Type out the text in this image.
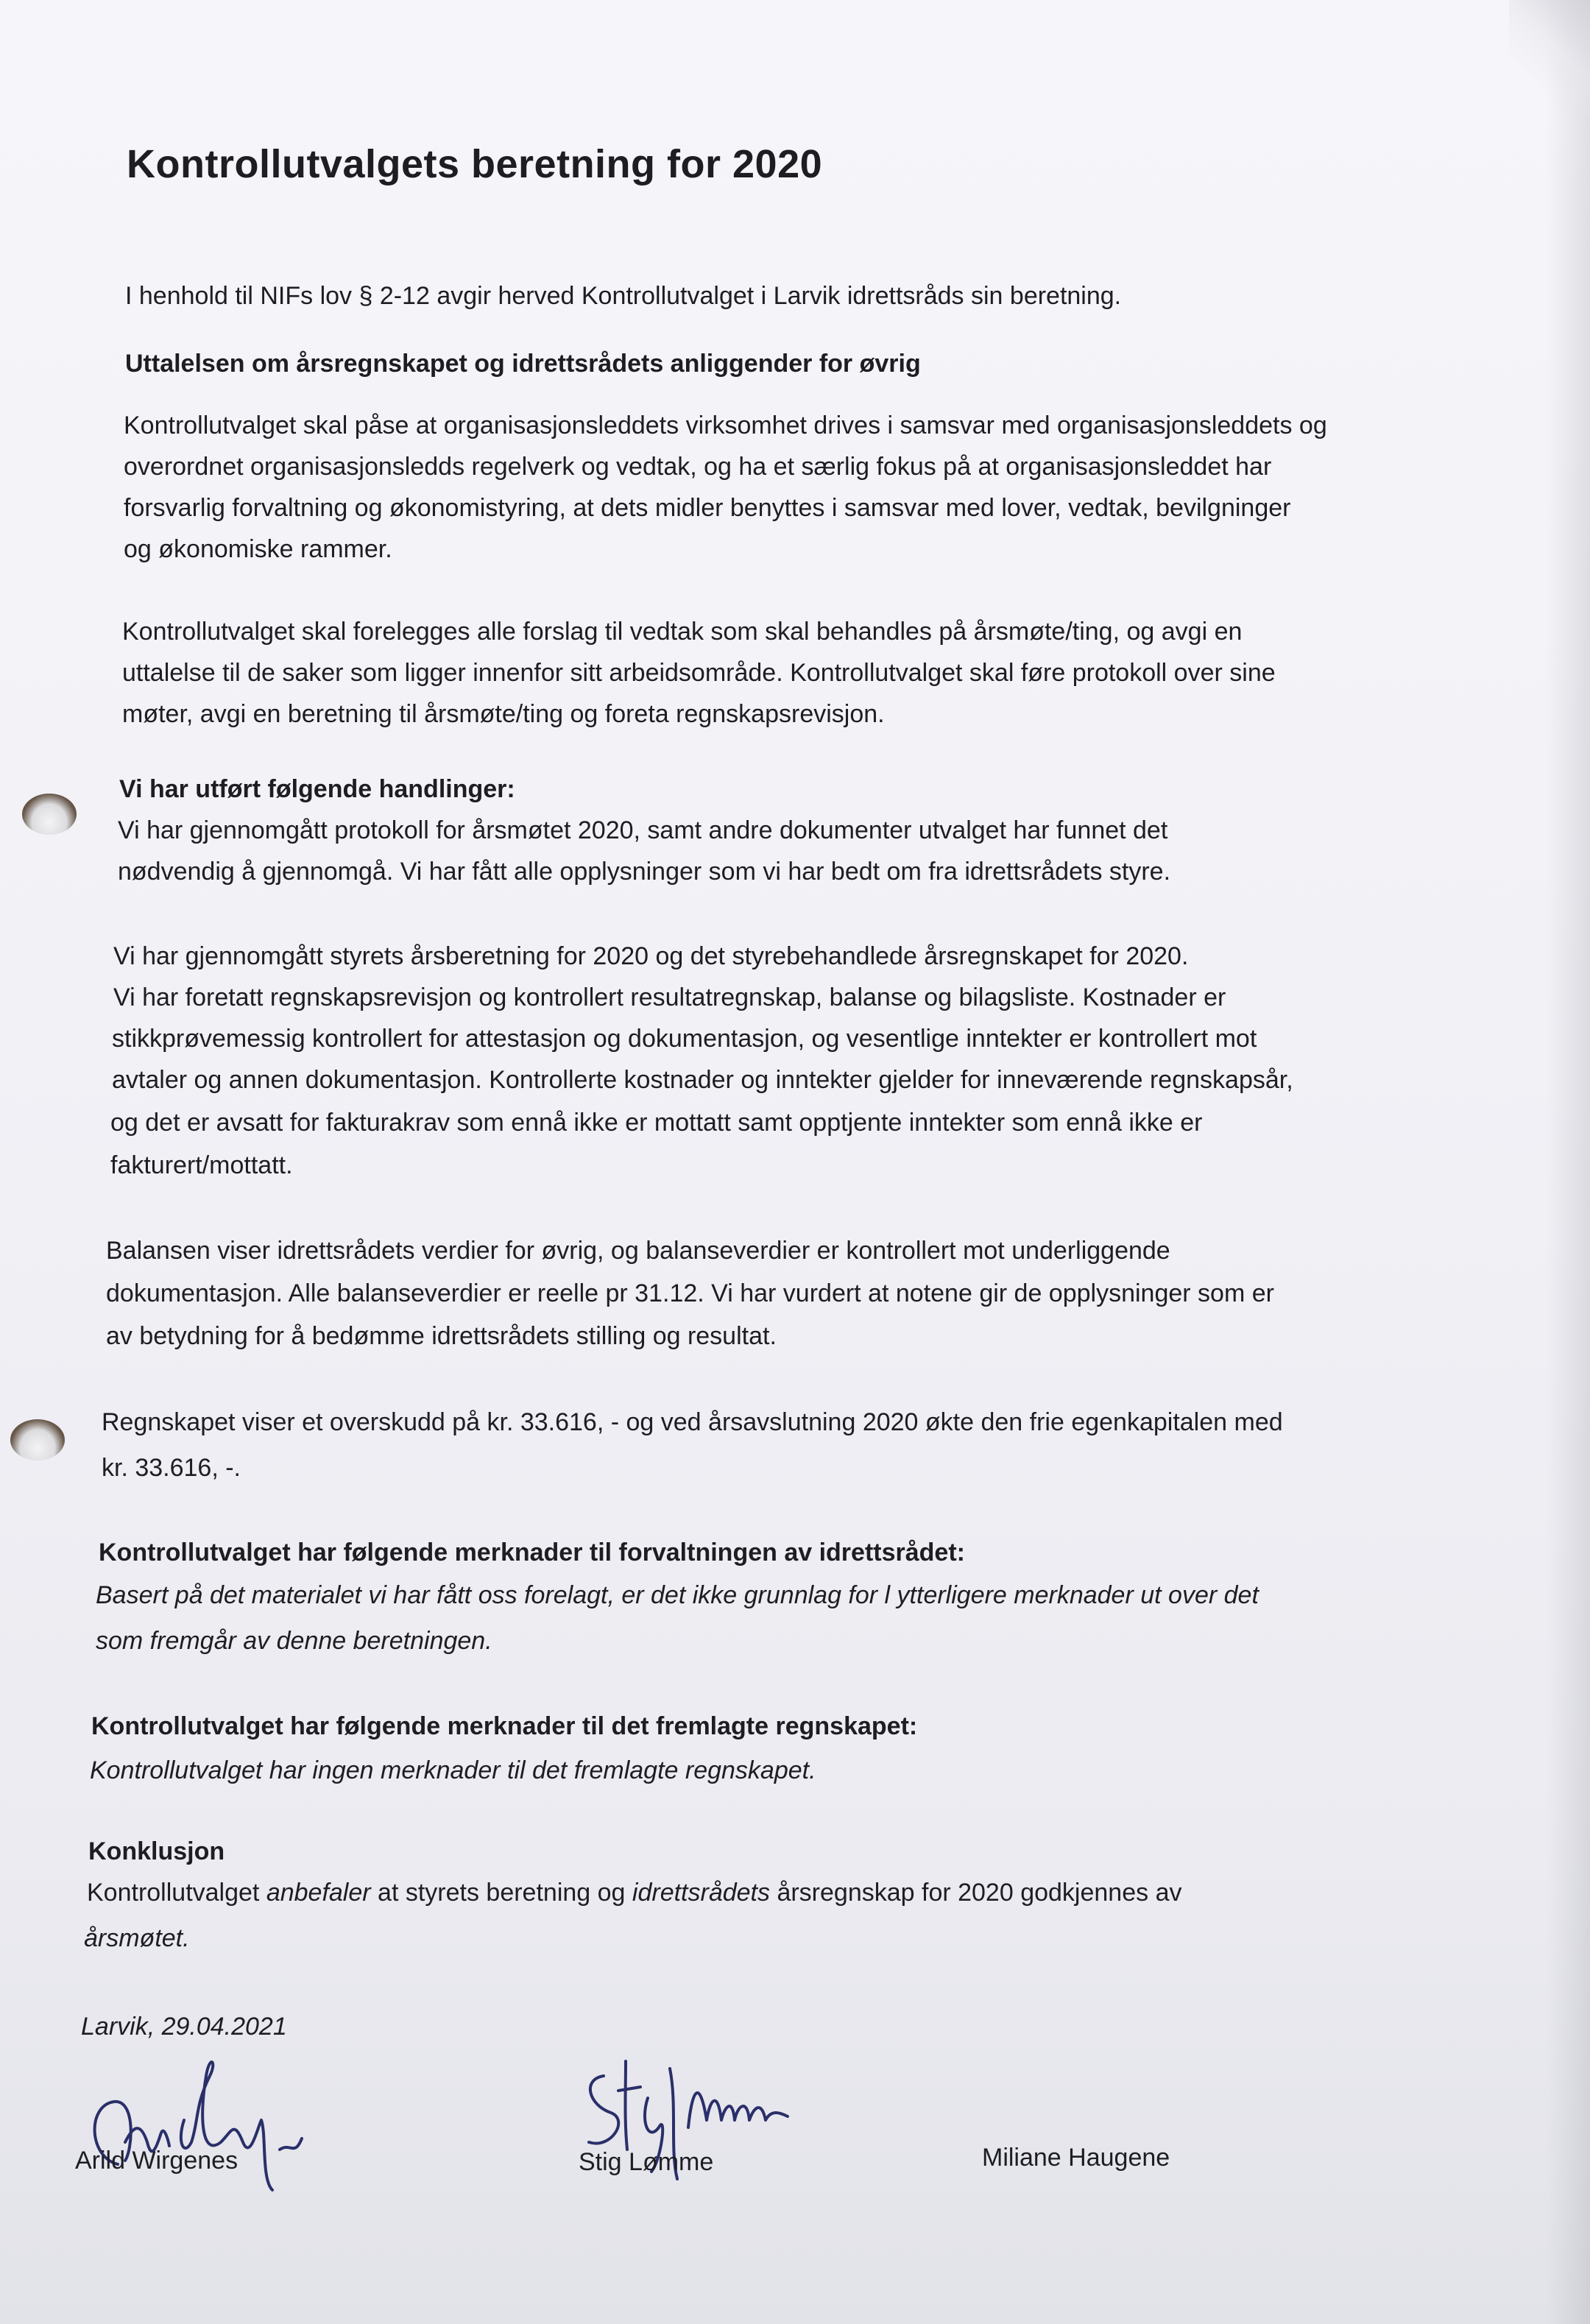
Kontrollutvalgets beretning for 2020
I henhold til NIFs lov § 2-12 avgir herved Kontrollutvalget i Larvik idrettsråds sin beretning.
Uttalelsen om årsregnskapet og idrettsrådets anliggender for øvrig
Kontrollutvalget skal påse at organisasjonsleddets virksomhet drives i samsvar med organisasjonsleddets og
overordnet organisasjonsledds regelverk og vedtak, og ha et særlig fokus på at organisasjonsleddet har
forsvarlig forvaltning og økonomistyring, at dets midler benyttes i samsvar med lover, vedtak, bevilgninger
og økonomiske rammer.
Kontrollutvalget skal forelegges alle forslag til vedtak som skal behandles på årsmøte/ting, og avgi en
uttalelse til de saker som ligger innenfor sitt arbeidsområde. Kontrollutvalget skal føre protokoll over sine
møter, avgi en beretning til årsmøte/ting og foreta regnskapsrevisjon.
Vi har utført følgende handlinger:
Vi har gjennomgått protokoll for årsmøtet 2020, samt andre dokumenter utvalget har funnet det
nødvendig å gjennomgå. Vi har fått alle opplysninger som vi har bedt om fra idrettsrådets styre.
Vi har gjennomgått styrets årsberetning for 2020 og det styrebehandlede årsregnskapet for 2020.
Vi har foretatt regnskapsrevisjon og kontrollert resultatregnskap, balanse og bilagsliste. Kostnader er
stikkprøvemessig kontrollert for attestasjon og dokumentasjon, og vesentlige inntekter er kontrollert mot
avtaler og annen dokumentasjon. Kontrollerte kostnader og inntekter gjelder for inneværende regnskapsår,
og det er avsatt for fakturakrav som ennå ikke er mottatt samt opptjente inntekter som ennå ikke er
fakturert/mottatt.
Balansen viser idrettsrådets verdier for øvrig, og balanseverdier er kontrollert mot underliggende
dokumentasjon. Alle balanseverdier er reelle pr 31.12. Vi har vurdert at notene gir de opplysninger som er
av betydning for å bedømme idrettsrådets stilling og resultat.
Regnskapet viser et overskudd på kr. 33.616, - og ved årsavslutning 2020 økte den frie egenkapitalen med
kr. 33.616, -.
Kontrollutvalget har følgende merknader til forvaltningen av idrettsrådet:
Basert på det materialet vi har fått oss forelagt, er det ikke grunnlag for l ytterligere merknader ut over det
som fremgår av denne beretningen.
Kontrollutvalget har følgende merknader til det fremlagte regnskapet:
Kontrollutvalget har ingen merknader til det fremlagte regnskapet.
Konklusjon
Kontrollutvalget anbefaler at styrets beretning og idrettsrådets årsregnskap for 2020 godkjennes av
årsmøtet.
Larvik, 29.04.2021
Arild Wirgenes	Stig Lømme	Miliane Haugene
